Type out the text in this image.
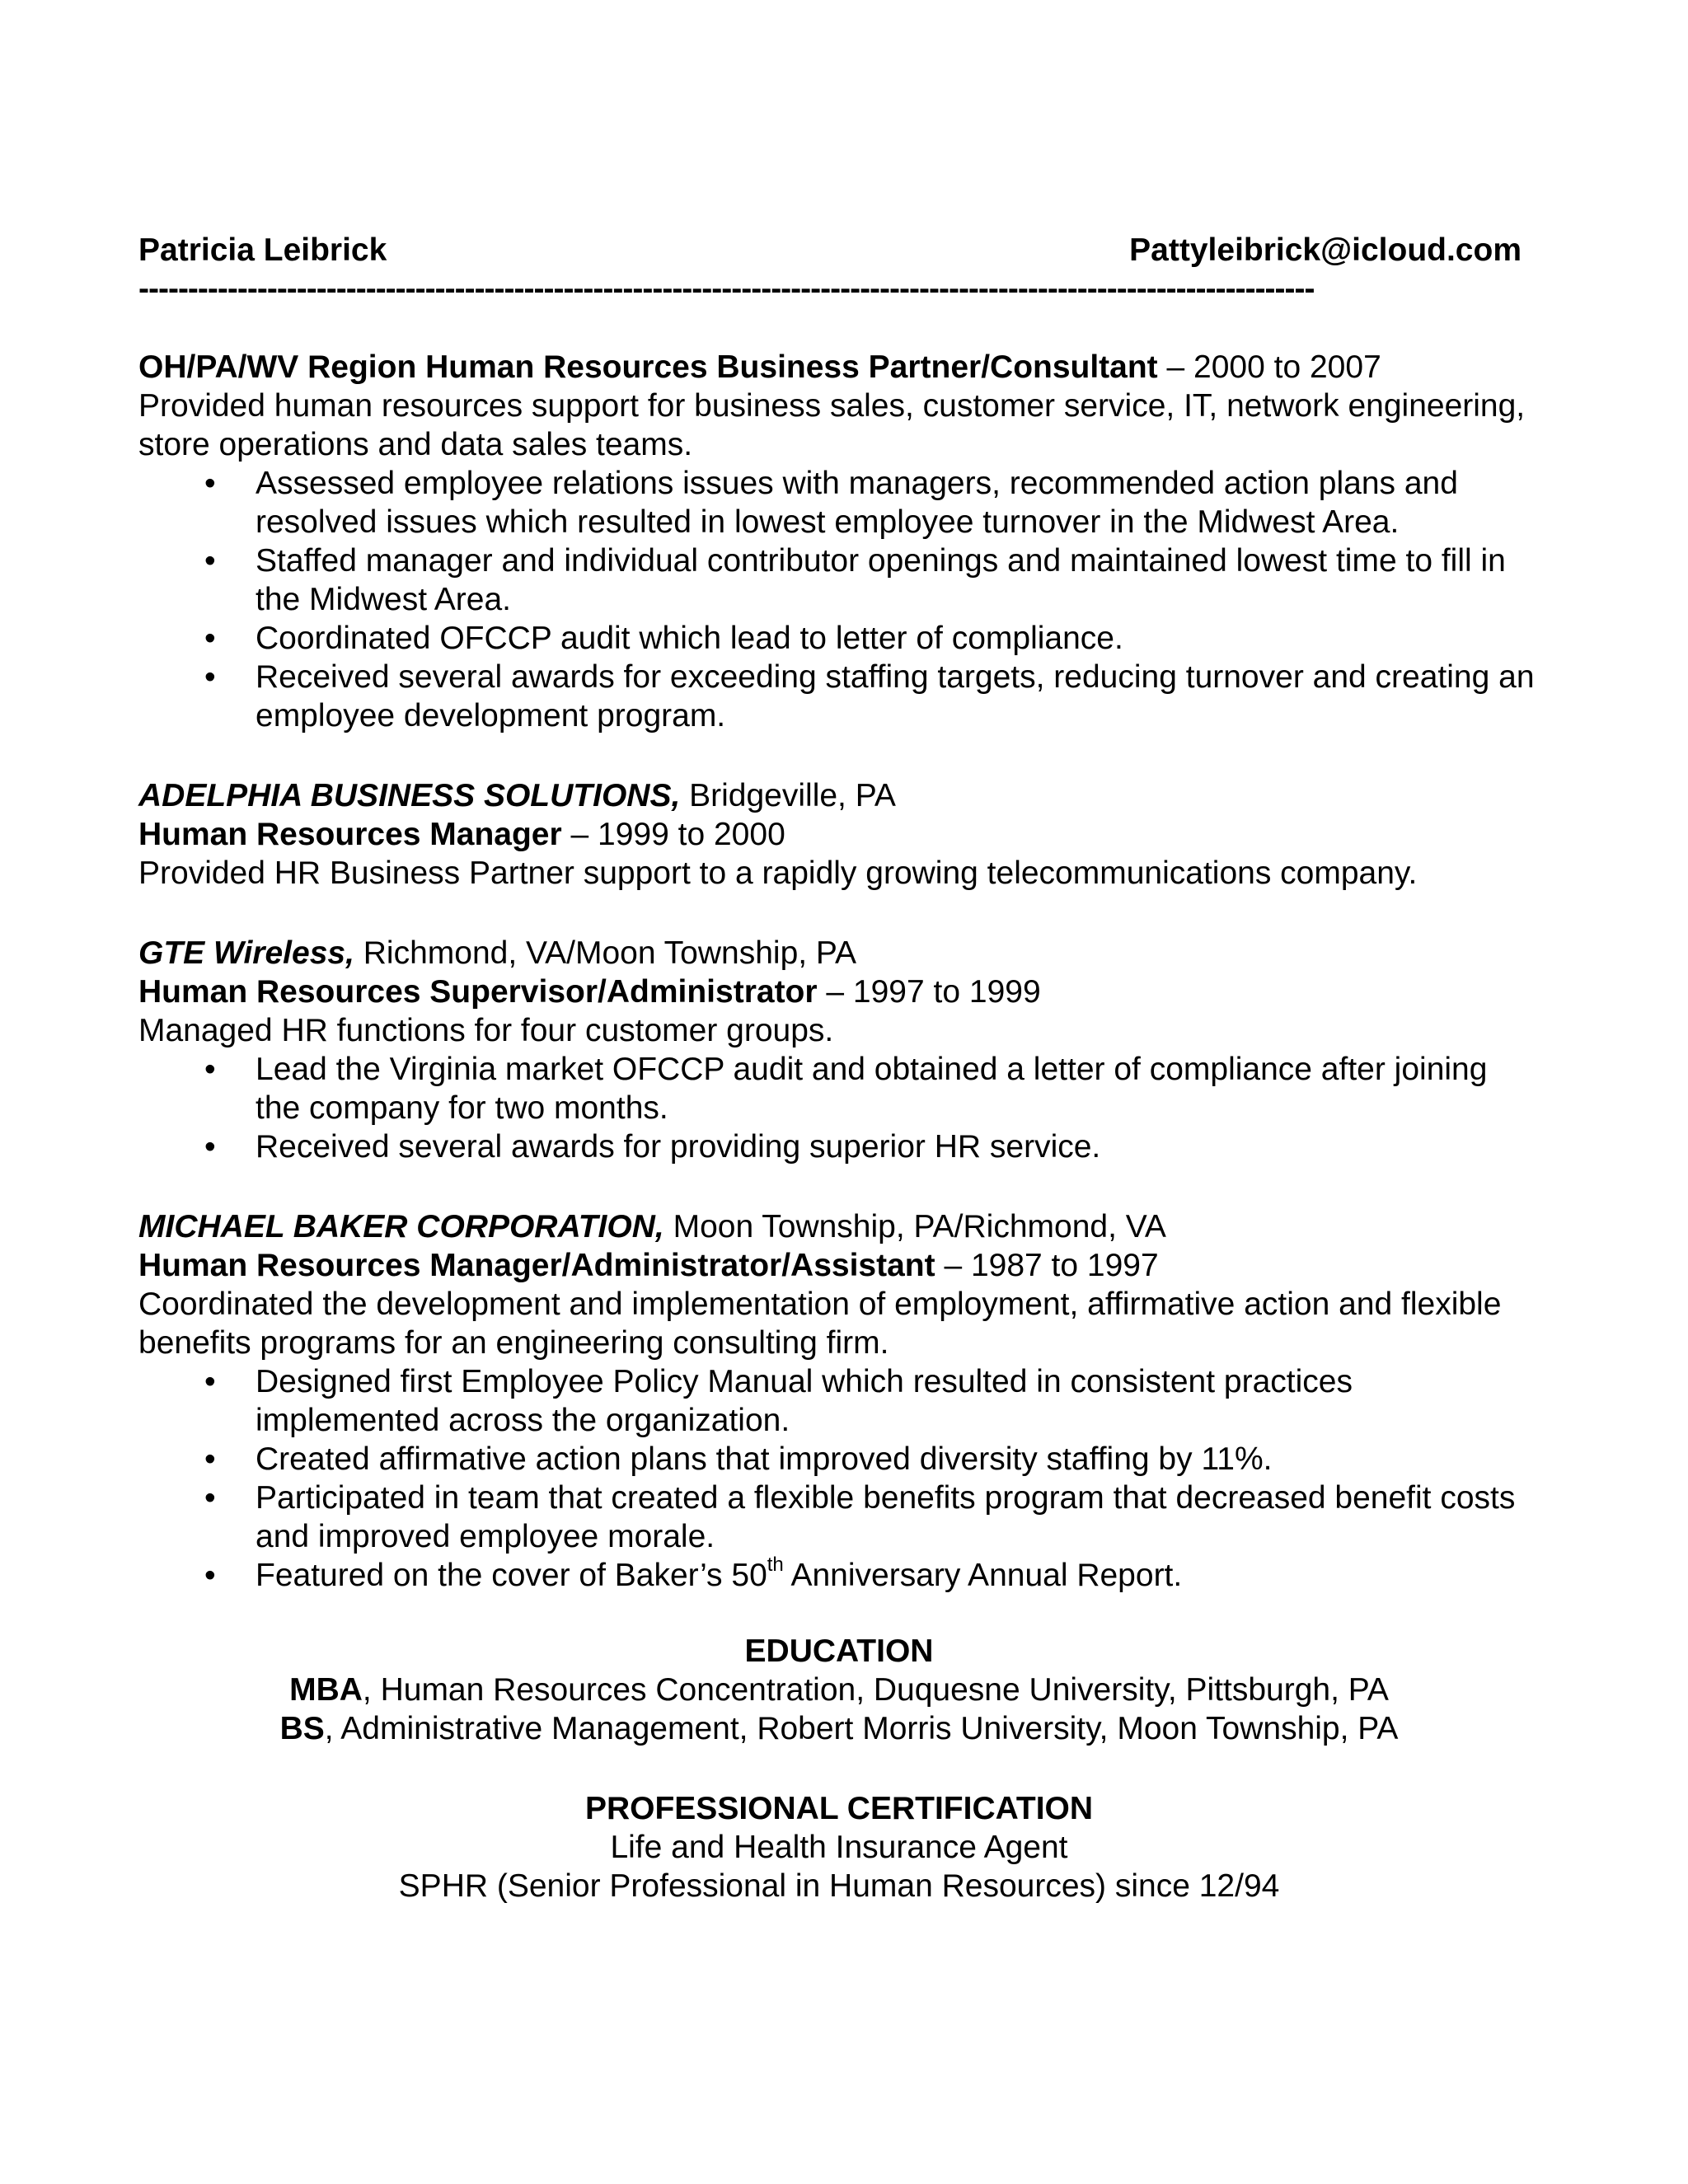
Patricia Leibrick	Pattyleibrick@icloud.com
-----------------------------------------------------------------------------------------------------------------------

OH/PA/WV Region Human Resources Business Partner/Consultant – 2000 to 2007

Provided human resources support for business sales, customer service, IT, network engineering, store operations and data sales teams.

• Assessed employee relations issues with managers, recommended action plans and resolved issues which resulted in lowest employee turnover in the Midwest Area.
• Staffed manager and individual contributor openings and maintained lowest time to fill in the Midwest Area.
• Coordinated OFCCP audit which lead to letter of compliance.
• Received several awards for exceeding staffing targets, reducing turnover and creating an employee development program.

ADELPHIA BUSINESS SOLUTIONS, Bridgeville, PA

Human Resources Manager – 1999 to 2000

Provided HR Business Partner support to a rapidly growing telecommunications company.

GTE Wireless, Richmond, VA/Moon Township, PA

Human Resources Supervisor/Administrator – 1997 to 1999

Managed HR functions for four customer groups.

• Lead the Virginia market OFCCP audit and obtained a letter of compliance after joining the company for two months.
• Received several awards for providing superior HR service.

MICHAEL BAKER CORPORATION, Moon Township, PA/Richmond, VA

Human Resources Manager/Administrator/Assistant – 1987 to 1997

Coordinated the development and implementation of employment, affirmative action and flexible benefits programs for an engineering consulting firm.

• Designed first Employee Policy Manual which resulted in consistent practices implemented across the organization.
• Created affirmative action plans that improved diversity staffing by 11%.
• Participated in team that created a flexible benefits program that decreased benefit costs and improved employee morale.
• Featured on the cover of Baker’s 50th Anniversary Annual Report.

EDUCATION

MBA, Human Resources Concentration, Duquesne University, Pittsburgh, PA

BS, Administrative Management, Robert Morris University, Moon Township, PA

PROFESSIONAL CERTIFICATION

Life and Health Insurance Agent

SPHR (Senior Professional in Human Resources) since 12/94
